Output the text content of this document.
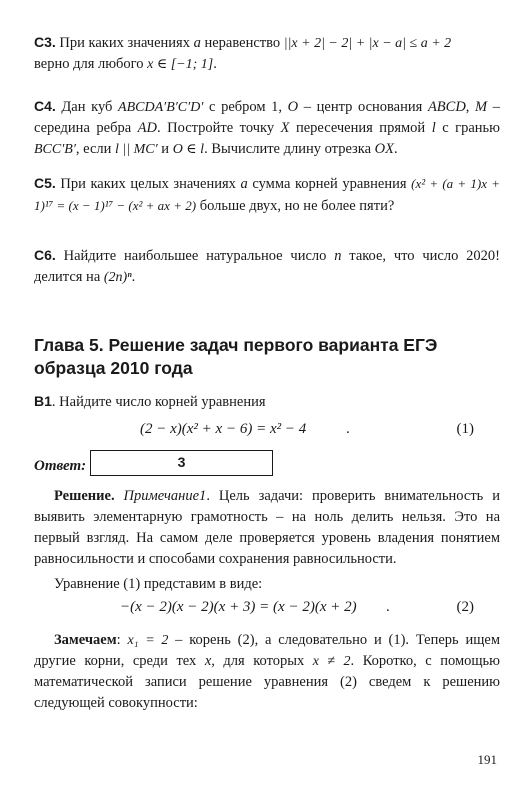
С3. При каких значениях a неравенство ||x + 2| − 2| + |x − a| ≤ a + 2
верно для любого x ∈ [−1; 1].

С4. Дан куб ABCDA′B′C′D′ с ребром 1, O – центр основания ABCD, M – середина ребра AD. Постройте точку X пересечения прямой l с гранью BCC′B′, если l || MC′ и O ∈ l. Вычислите длину отрезка OX.

С5. При каких целых значениях a сумма корней уравнения (x² + (a + 1)x + 1)¹⁷ = (x − 1)¹⁷ − (x² + ax + 2) больше двух, но не более пяти?

С6. Найдите наибольшее натуральное число n такое, что число 2020! делится на (2n)ⁿ.

Глава 5. Решение задач первого варианта ЕГЭ образца 2010 года

В1. Найдите число корней уравнения

(2 − x)(x² + x − 6) = x² − 4	.	(1)
Ответ:	3

Решение. Примечание1. Цель задачи: проверить внимательность и выявить элементарную грамотность – на ноль делить нельзя. Это на первый взгляд. На самом деле проверяется уровень владения понятием равносильности и способами сохранения равносильности.

Уравнение (1) представим в виде:

−(x − 2)(x − 2)(x + 3) = (x − 2)(x + 2) .	(2)

Замечаем: x₁ = 2 – корень (2), а следовательно и (1). Теперь ищем другие корни, среди тех x, для которых x ≠ 2. Коротко, с помощью математической записи решение уравнения (2) сведем к решению следующей совокупности:

191
